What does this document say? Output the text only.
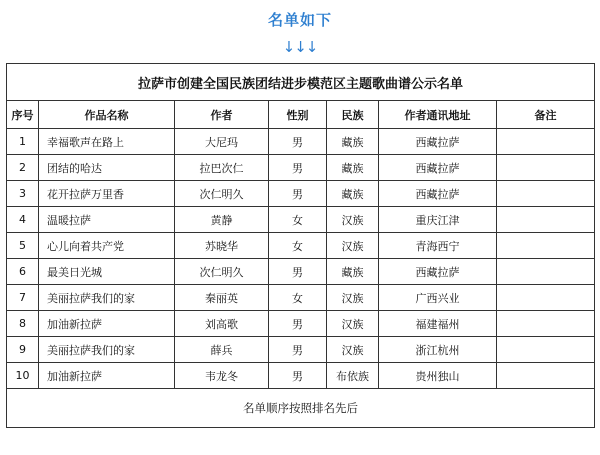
名单如下
↓↓↓
拉萨市创建全国民族团结进步模范区主题歌曲谱公示名单						
序号	作品名称	作者	性别	民族	作者通讯地址	备注
1	幸福歌声在路上	大尼玛	男	藏族	西藏拉萨	
2	团结的哈达	拉巴次仁	男	藏族	西藏拉萨	
3	花开拉萨万里香	次仁明久	男	藏族	西藏拉萨	
4	温暖拉萨	黄静	女	汉族	重庆江津	
5	心儿向着共产党	苏晓华	女	汉族	青海西宁	
6	最美日光城	次仁明久	男	藏族	西藏拉萨	
7	美丽拉萨我们的家	秦丽英	女	汉族	广西兴业	
8	加油新拉萨	刘高歌	男	汉族	福建福州	
9	美丽拉萨我们的家	薛兵	男	汉族	浙江杭州	
10	加油新拉萨	韦龙冬	男	布依族	贵州独山	
名单顺序按照排名先后						
